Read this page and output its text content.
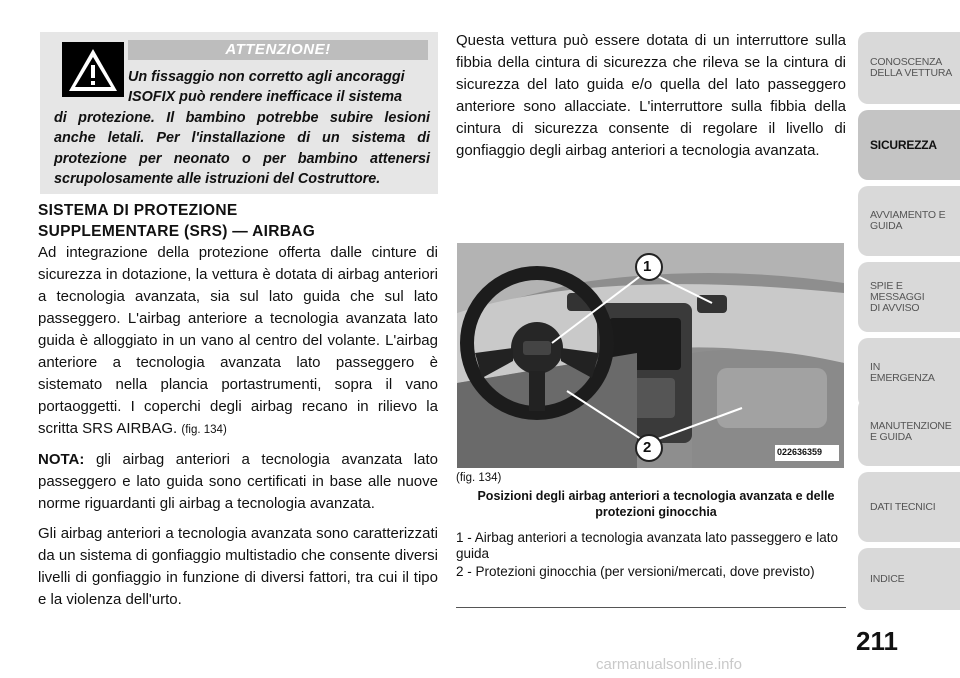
ATTENZIONE!
Un fissaggio non corretto agli ancoraggi
ISOFIX può rendere inefficace il sistema
di protezione. Il bambino potrebbe subire lesioni anche letali. Per l'installazione di un sistema di protezione per neonato o per bambino attenersi scrupolosamente alle istruzioni del Costruttore.
SISTEMA DI PROTEZIONE
SUPPLEMENTARE (SRS) — AIRBAG

Ad integrazione della protezione offerta dalle cinture di sicurezza in dotazione, la vettura è dotata di airbag anteriori a tecnologia avanzata, sia sul lato guida che sul lato passeggero. L'airbag anteriore a tecnologia avanzata lato guida è alloggiato in un vano al centro del volante. L'airbag anteriore a tecnologia avanzata lato passeggero è sistemato nella plancia portastrumenti, sopra il vano portaoggetti. I coperchi degli airbag recano in rilievo la scritta SRS AIRBAG. (fig. 134)

NOTA: gli airbag anteriori a tecnologia avanzata lato passeggero e lato guida sono certificati in base alle nuove norme riguardanti gli airbag a tecnologia avanzata.

Gli airbag anteriori a tecnologia avanzata sono caratterizzati da un sistema di gonfiaggio multistadio che consente diversi livelli di gonfiaggio in funzione di diversi fattori, tra cui il tipo e la violenza dell'urto.

Questa vettura può essere dotata di un interruttore sulla fibbia della cintura di sicurezza che rileva se la cintura di sicurezza del lato guida e/o quella del lato passeggero anteriore sono allacciate. L'interruttore sulla fibbia della cintura di sicurezza consente di regolare il livello di gonfiaggio degli airbag anteriori a tecnologia avanzata.

1
2	022636359
(fig. 134)
Posizioni degli airbag anteriori a tecnologia avanzata e delle protezioni ginocchia

1 - Airbag anteriori a tecnologia avanzata lato passeggero e lato guida

2 - Protezioni ginocchia (per versioni/mercati, dove previsto)

CONOSCENZA
DELLA VETTURA
SICUREZZA
AVVIAMENTO E
GUIDA
SPIE E
MESSAGGI
DI AVVISO
IN
EMERGENZA
MANUTENZIONE
E GUIDA
DATI TECNICI
INDICE
211
carmanualsonline.info
